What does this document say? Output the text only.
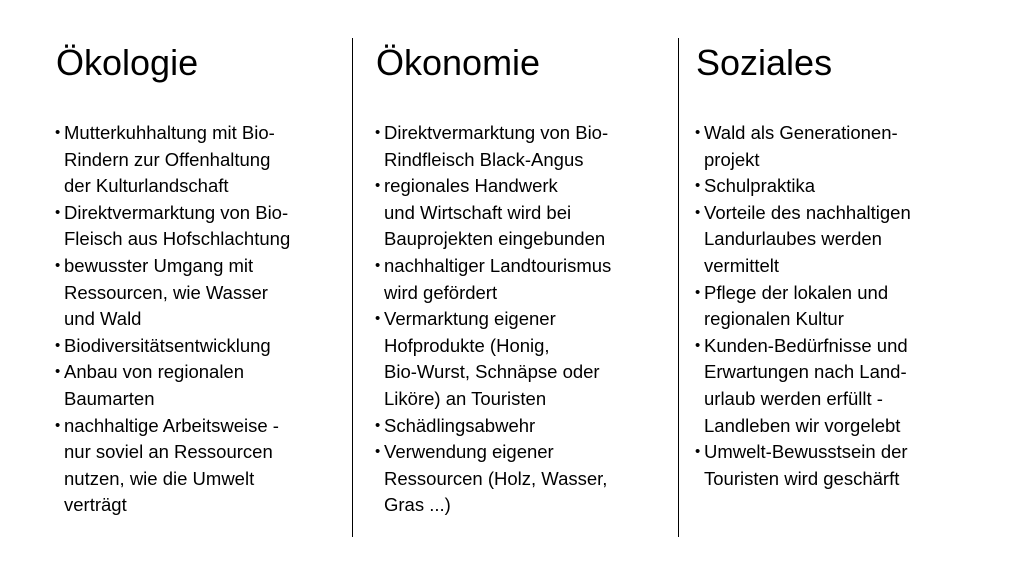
Ökologie
• Mutterkuhhaltung mit Bio-
Rindern zur Offenhaltung
der Kulturlandschaft
• Direktvermarktung von Bio-
Fleisch aus Hofschlachtung
• bewusster Umgang mit
Ressourcen, wie Wasser
und Wald
• Biodiversitätsentwicklung
• Anbau von regionalen
Baumarten
• nachhaltige Arbeitsweise -
nur soviel an Ressourcen
nutzen, wie die Umwelt
verträgt
Ökonomie
• Direktvermarktung von Bio-
Rindfleisch Black-Angus
• regionales Handwerk
und Wirtschaft wird bei
Bauprojekten eingebunden
• nachhaltiger Landtourismus
wird gefördert
• Vermarktung eigener
Hofprodukte (Honig,
Bio-Wurst, Schnäpse oder
Liköre) an Touristen
• Schädlingsabwehr
• Verwendung eigener
Ressourcen (Holz, Wasser,
Gras ...)
Soziales
• Wald als Generationen-
projekt
• Schulpraktika
• Vorteile des nachhaltigen
Landurlaubes werden
vermittelt
• Pflege der lokalen und
regionalen Kultur
• Kunden-Bedürfnisse und
Erwartungen nach Land-
urlaub werden erfüllt -
Landleben wir vorgelebt
• Umwelt-Bewusstsein der
Touristen wird geschärft
